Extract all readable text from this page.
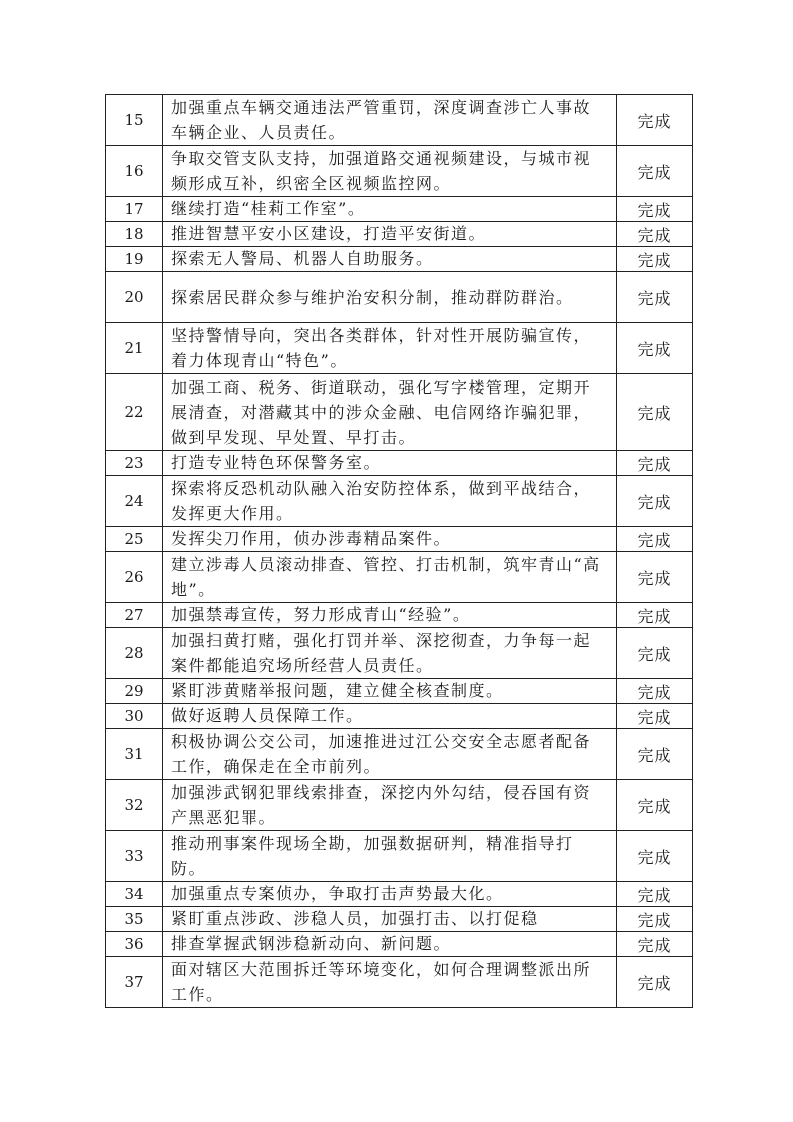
15	加强重点车辆交通违法严管重罚，深度调查涉亡人事故车辆企业、人员责任。	完成
16	争取交管支队支持，加强道路交通视频建设，与城市视频形成互补，织密全区视频监控网。	完成
17	继续打造“桂莉工作室”。	完成
18	推进智慧平安小区建设，打造平安街道。	完成
19	探索无人警局、机器人自助服务。	完成
20	探索居民群众参与维护治安积分制，推动群防群治。	完成
21	坚持警情导向，突出各类群体，针对性开展防骗宣传，着力体现青山“特色”。	完成
22	加强工商、税务、街道联动，强化写字楼管理，定期开展清查，对潜藏其中的涉众金融、电信网络诈骗犯罪，做到早发现、早处置、早打击。	完成
23	打造专业特色环保警务室。	完成
24	探索将反恐机动队融入治安防控体系，做到平战结合，发挥更大作用。	完成
25	发挥尖刀作用，侦办涉毒精品案件。	完成
26	建立涉毒人员滚动排查、管控、打击机制，筑牢青山“高地”。	完成
27	加强禁毒宣传，努力形成青山“经验”。	完成
28	加强扫黄打赌，强化打罚并举、深挖彻查，力争每一起案件都能追究场所经营人员责任。	完成
29	紧盯涉黄赌举报问题，建立健全核查制度。	完成
30	做好返聘人员保障工作。	完成
31	积极协调公交公司，加速推进过江公交安全志愿者配备工作，确保走在全市前列。	完成
32	加强涉武钢犯罪线索排查，深挖内外勾结，侵吞国有资产黑恶犯罪。	完成
33	推动刑事案件现场全勘，加强数据研判，精准指导打防。	完成
34	加强重点专案侦办，争取打击声势最大化。	完成
35	紧盯重点涉政、涉稳人员，加强打击、以打促稳	完成
36	排查掌握武钢涉稳新动向、新问题。	完成
37	面对辖区大范围拆迁等环境变化，如何合理调整派出所工作。	完成
